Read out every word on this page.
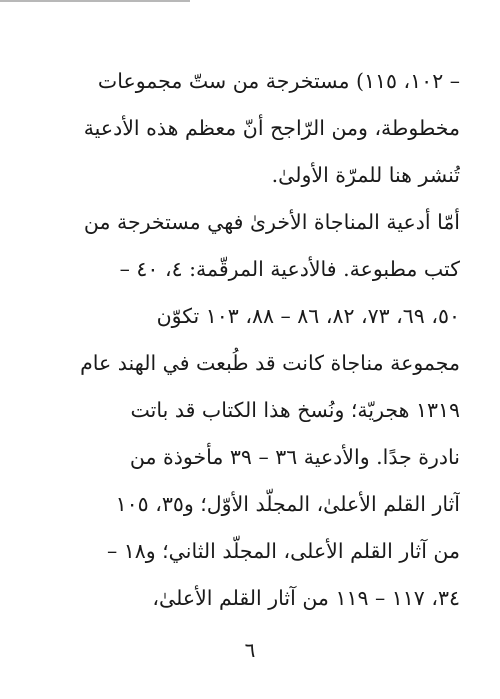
– ١٠٢، ١١٥) مستخرجة من ستّ مجموعات
مخطوطة، ومن الرّاجح أنّ معظم هذه الأدعية
تُنشر هنا للمرّة الأولىٰ.
أمّا أدعية المناجاة الأخرىٰ فهي مستخرجة من
كتب مطبوعة. فالأدعية المرقّمة: ٤، ٤٠ –
٥٠، ٦٩، ٧٣، ٨٢، ٨٦ – ٨٨، ١٠٣ تكوّن
مجموعة مناجاة كانت قد طُبعت في الهند عام
١٣١٩ هجريّة؛ ونُسخ هذا الكتاب قد باتت
نادرة جدًا. والأدعية ٣٦ – ٣٩ مأخوذة من
آثار القلم الأعلىٰ، المجلّد الأوّل؛ و٣٥، ١٠٥
من آثار القلم الأعلى، المجلّد الثاني؛ و١٨ –
٣٤، ١١٧ – ١١٩ من آثار القلم الأعلىٰ،
٦
